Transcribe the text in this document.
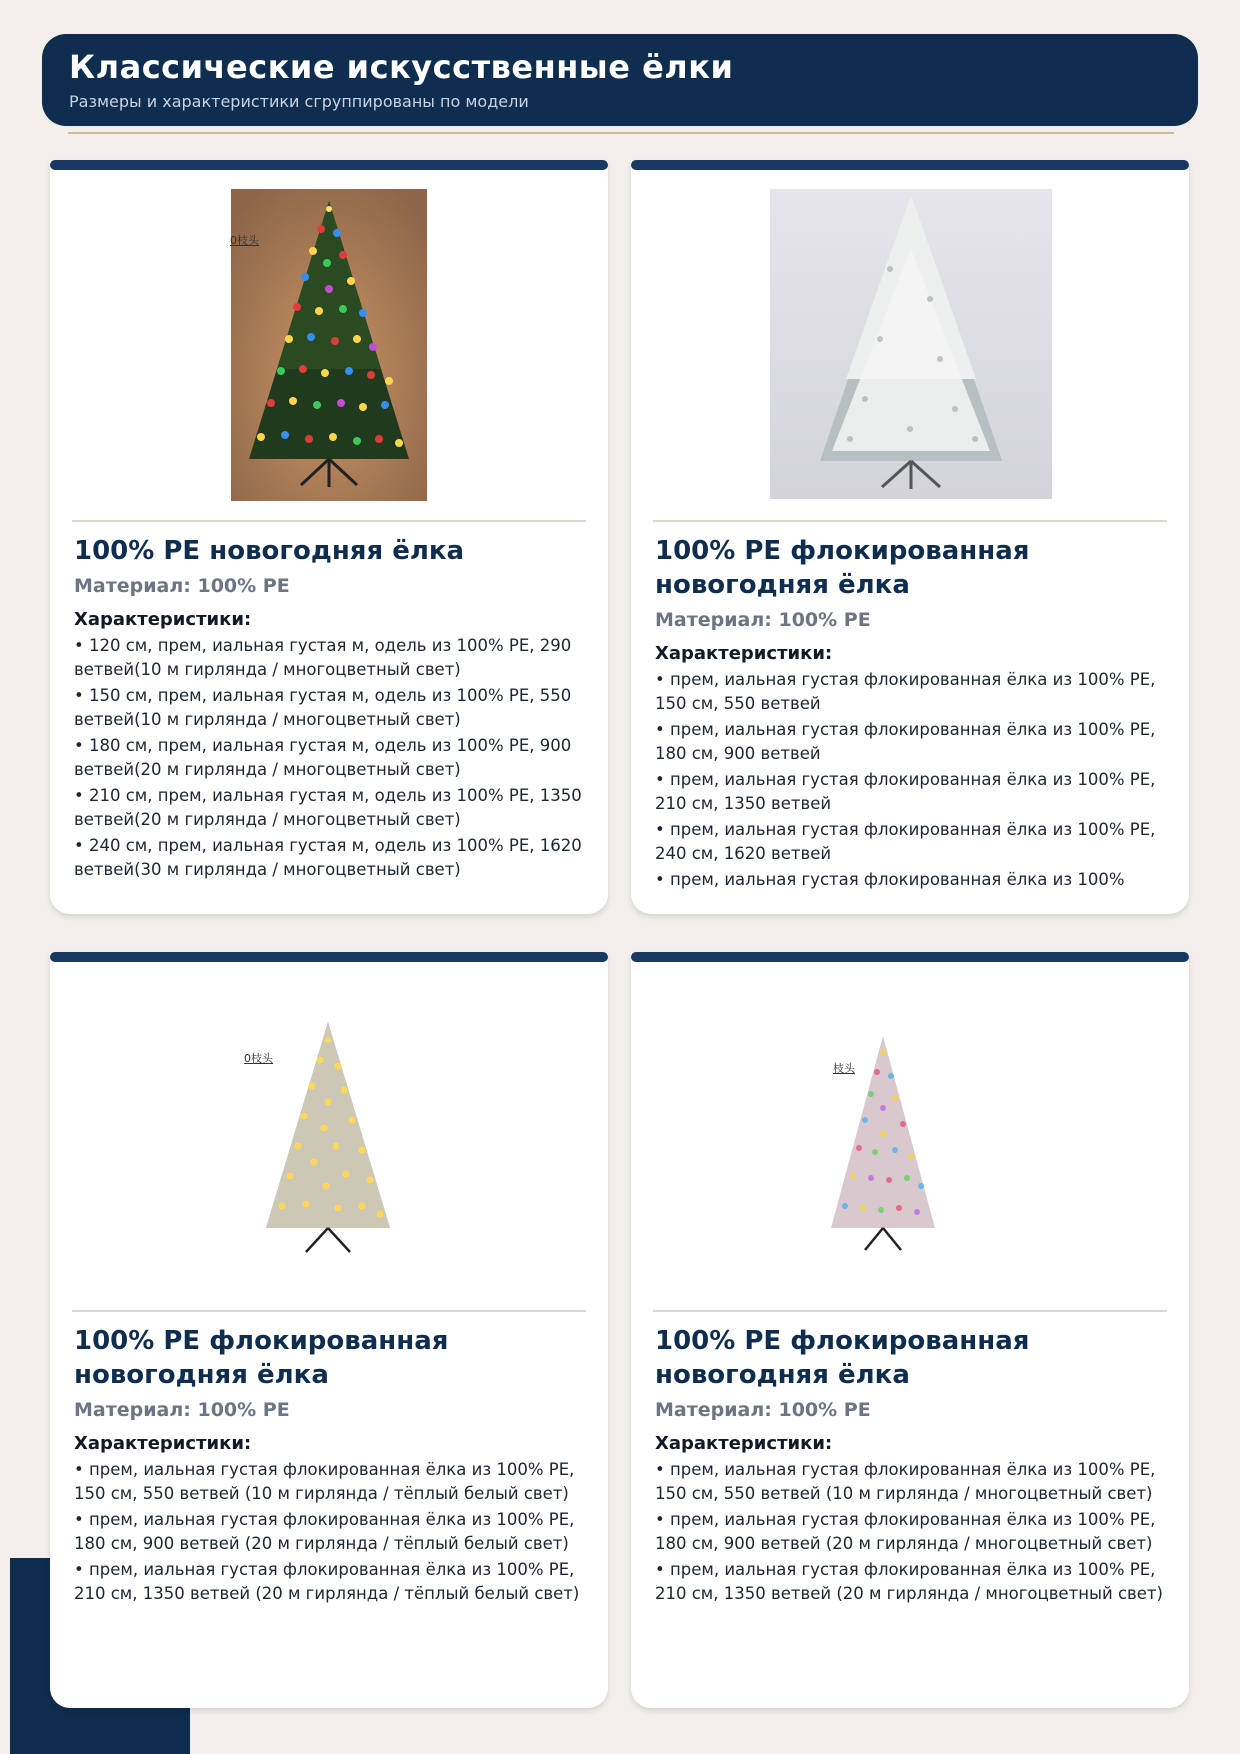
Классические искусственные ёлки
Размеры и характеристики сгруппированы по модели
0枝头
100% PE новогодняя ёлка
Материал: 100% PE
Характеристики:
• 120 см, прем, иальная густая м, одель из 100% PE, 290 ветвей(10 м гирлянда / многоцветный свет)
• 150 см, прем, иальная густая м, одель из 100% PE, 550 ветвей(10 м гирлянда / многоцветный свет)
• 180 см, прем, иальная густая м, одель из 100% PE, 900 ветвей(20 м гирлянда / многоцветный свет)
• 210 см, прем, иальная густая м, одель из 100% PE, 1350 ветвей(20 м гирлянда / многоцветный свет)
• 240 см, прем, иальная густая м, одель из 100% PE, 1620 ветвей(30 м гирлянда / многоцветный свет)
100% PE флокированная новогодняя ёлка
Материал: 100% PE
Характеристики:
• прем, иальная густая флокированная ёлка из 100% PE, 150 см, 550 ветвей
• прем, иальная густая флокированная ёлка из 100% PE, 180 см, 900 ветвей
• прем, иальная густая флокированная ёлка из 100% PE, 210 см, 1350 ветвей
• прем, иальная густая флокированная ёлка из 100% PE, 240 см, 1620 ветвей
• прем, иальная густая флокированная ёлка из 100%
0枝头
100% PE флокированная новогодняя ёлка
Материал: 100% PE
Характеристики:
• прем, иальная густая флокированная ёлка из 100% PE, 150 см, 550 ветвей (10 м гирлянда / тёплый белый свет)
• прем, иальная густая флокированная ёлка из 100% PE, 180 см, 900 ветвей (20 м гирлянда / тёплый белый свет)
• прем, иальная густая флокированная ёлка из 100% PE, 210 см, 1350 ветвей (20 м гирлянда / тёплый белый свет)
枝头
100% PE флокированная новогодняя ёлка
Материал: 100% PE
Характеристики:
• прем, иальная густая флокированная ёлка из 100% PE, 150 см, 550 ветвей (10 м гирлянда / многоцветный свет)
• прем, иальная густая флокированная ёлка из 100% PE, 180 см, 900 ветвей (20 м гирлянда / многоцветный свет)
• прем, иальная густая флокированная ёлка из 100% PE, 210 см, 1350 ветвей (20 м гирлянда / многоцветный свет)
